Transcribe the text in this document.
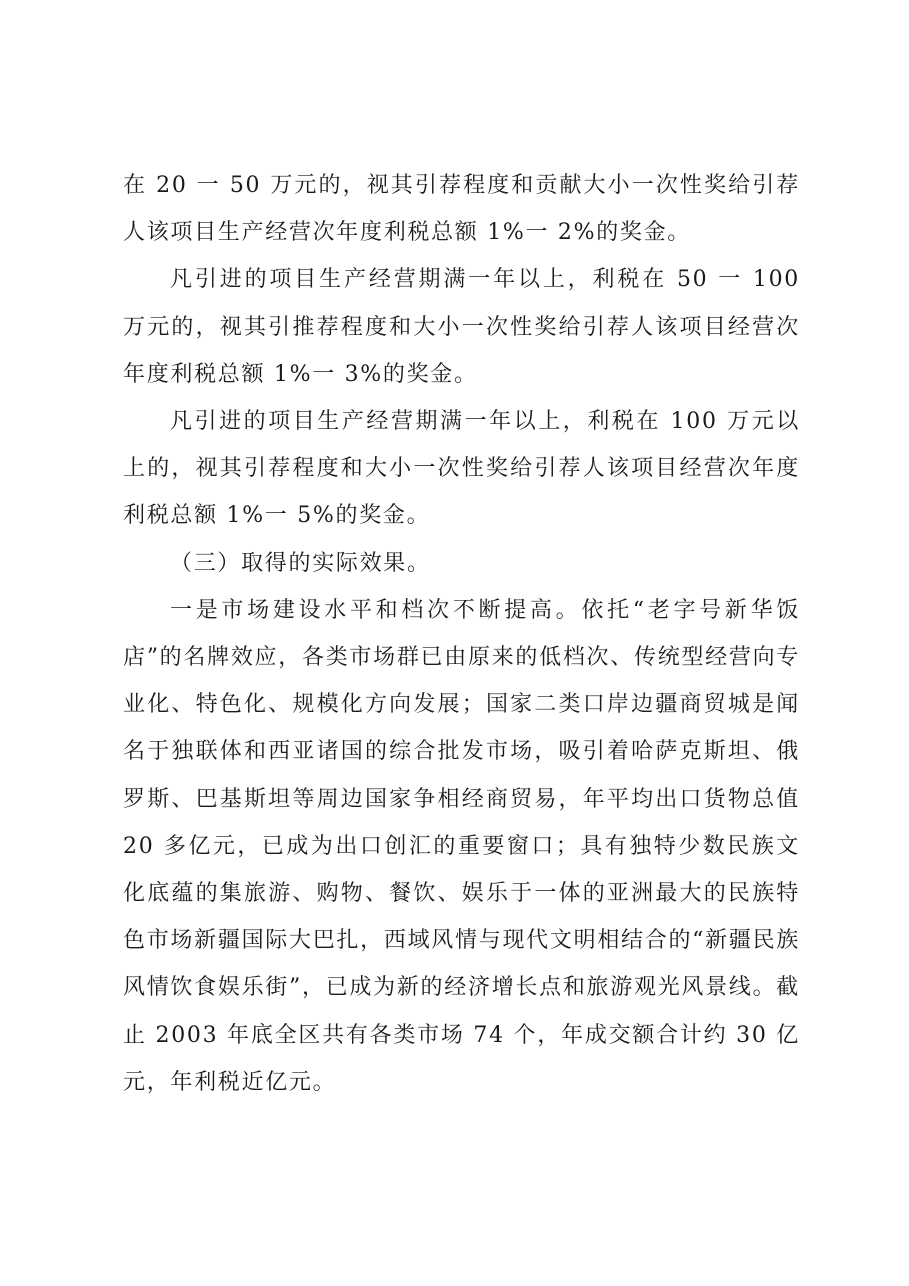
在 20 一 50 万元的，视其引荐程度和贡献大小一次性奖给引荐人该项目生产经营次年度利税总额 1%一 2%的奖金。

凡引进的项目生产经营期满一年以上，利税在 50 一 100 万元的，视其引推荐程度和大小一次性奖给引荐人该项目经营次年度利税总额 1%一 3%的奖金。

凡引进的项目生产经营期满一年以上，利税在 100 万元以上的，视其引荐程度和大小一次性奖给引荐人该项目经营次年度利税总额 1%一 5%的奖金。

（三）取得的实际效果。

一是市场建设水平和档次不断提高。依托“老字号新华饭店”的名牌效应，各类市场群已由原来的低档次、传统型经营向专业化、特色化、规模化方向发展；国家二类口岸边疆商贸城是闻名于独联体和西亚诸国的综合批发市场，吸引着哈萨克斯坦、俄罗斯、巴基斯坦等周边国家争相经商贸易，年平均出口货物总值 20 多亿元，已成为出口创汇的重要窗口；具有独特少数民族文化底蕴的集旅游、购物、餐饮、娱乐于一体的亚洲最大的民族特色市场新疆国际大巴扎，西域风情与现代文明相结合的“新疆民族风情饮食娱乐街”，已成为新的经济增长点和旅游观光风景线。截止 2003 年底全区共有各类市场 74 个，年成交额合计约 30 亿元，年利税近亿元。
